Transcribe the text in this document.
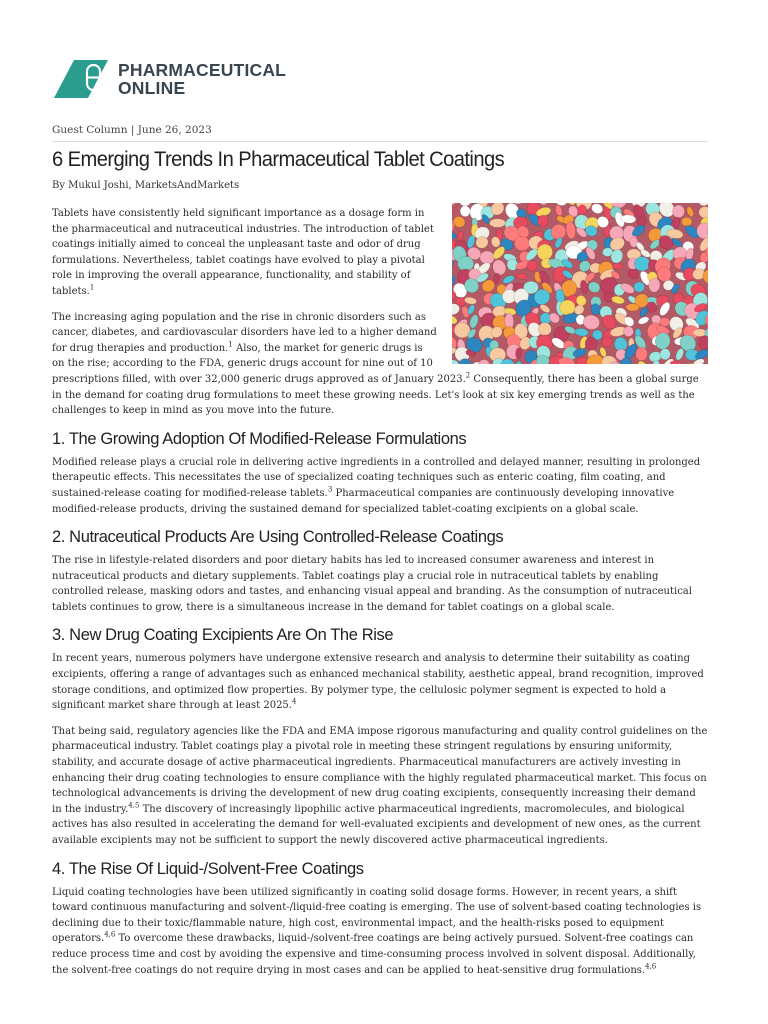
PHARMACEUTICAL
ONLINE
Guest Column | June 26, 2023
6 Emerging Trends In Pharmaceutical Tablet Coatings
By Mukul Joshi, MarketsAndMarkets

Tablets have consistently held significant importance as a dosage form in the pharmaceutical and nutraceutical industries. The introduction of tablet coatings initially aimed to conceal the unpleasant taste and odor of drug formulations. Nevertheless, tablet coatings have evolved to play a pivotal role in improving the overall appearance, functionality, and stability of tablets.$^1$

The increasing aging population and the rise in chronic disorders such as cancer, diabetes, and cardiovascular disorders have led to a higher demand for drug therapies and production.$^1$ Also, the market for generic drugs is on the rise; according to the FDA, generic drugs account for nine out of 10 prescriptions filled, with over 32,000 generic drugs approved as of January 2023.$^2$ Consequently, there has been a global surge in the demand for coating drug formulations to meet these growing needs. Let's look at six key emerging trends as well as the challenges to keep in mind as you move into the future.

1. The Growing Adoption Of Modified-Release Formulations

Modified release plays a crucial role in delivering active ingredients in a controlled and delayed manner, resulting in prolonged therapeutic effects. This necessitates the use of specialized coating techniques such as enteric coating, film coating, and sustained-release coating for modified-release tablets.$^3$ Pharmaceutical companies are continuously developing innovative modified-release products, driving the sustained demand for specialized tablet-coating excipients on a global scale.

2. Nutraceutical Products Are Using Controlled-Release Coatings

The rise in lifestyle-related disorders and poor dietary habits has led to increased consumer awareness and interest in nutraceutical products and dietary supplements. Tablet coatings play a crucial role in nutraceutical tablets by enabling controlled release, masking odors and tastes, and enhancing visual appeal and branding. As the consumption of nutraceutical tablets continues to grow, there is a simultaneous increase in the demand for tablet coatings on a global scale.

3. New Drug Coating Excipients Are On The Rise

In recent years, numerous polymers have undergone extensive research and analysis to determine their suitability as coating excipients, offering a range of advantages such as enhanced mechanical stability, aesthetic appeal, brand recognition, improved storage conditions, and optimized flow properties. By polymer type, the cellulosic polymer segment is expected to hold a significant market share through at least 2025.$^4$

That being said, regulatory agencies like the FDA and EMA impose rigorous manufacturing and quality control guidelines on the pharmaceutical industry. Tablet coatings play a pivotal role in meeting these stringent regulations by ensuring uniformity, stability, and accurate dosage of active pharmaceutical ingredients. Pharmaceutical manufacturers are actively investing in enhancing their drug coating technologies to ensure compliance with the highly regulated pharmaceutical market. This focus on technological advancements is driving the development of new drug coating excipients, consequently increasing their demand in the industry.$^{4,5}$ The discovery of increasingly lipophilic active pharmaceutical ingredients, macromolecules, and biological actives has also resulted in accelerating the demand for well-evaluated excipients and development of new ones, as the current available excipients may not be sufficient to support the newly discovered active pharmaceutical ingredients.

4. The Rise Of Liquid-/Solvent-Free Coatings

Liquid coating technologies have been utilized significantly in coating solid dosage forms. However, in recent years, a shift toward continuous manufacturing and solvent-/liquid-free coating is emerging. The use of solvent-based coating technologies is declining due to their toxic/flammable nature, high cost, environmental impact, and the health-risks posed to equipment operators.$^{4,6}$ To overcome these drawbacks, liquid-/solvent-free coatings are being actively pursued. Solvent-free coatings can reduce process time and cost by avoiding the expensive and time-consuming process involved in solvent disposal. Additionally, the solvent-free coatings do not require drying in most cases and can be applied to heat-sensitive drug formulations.$^{4,6}$
